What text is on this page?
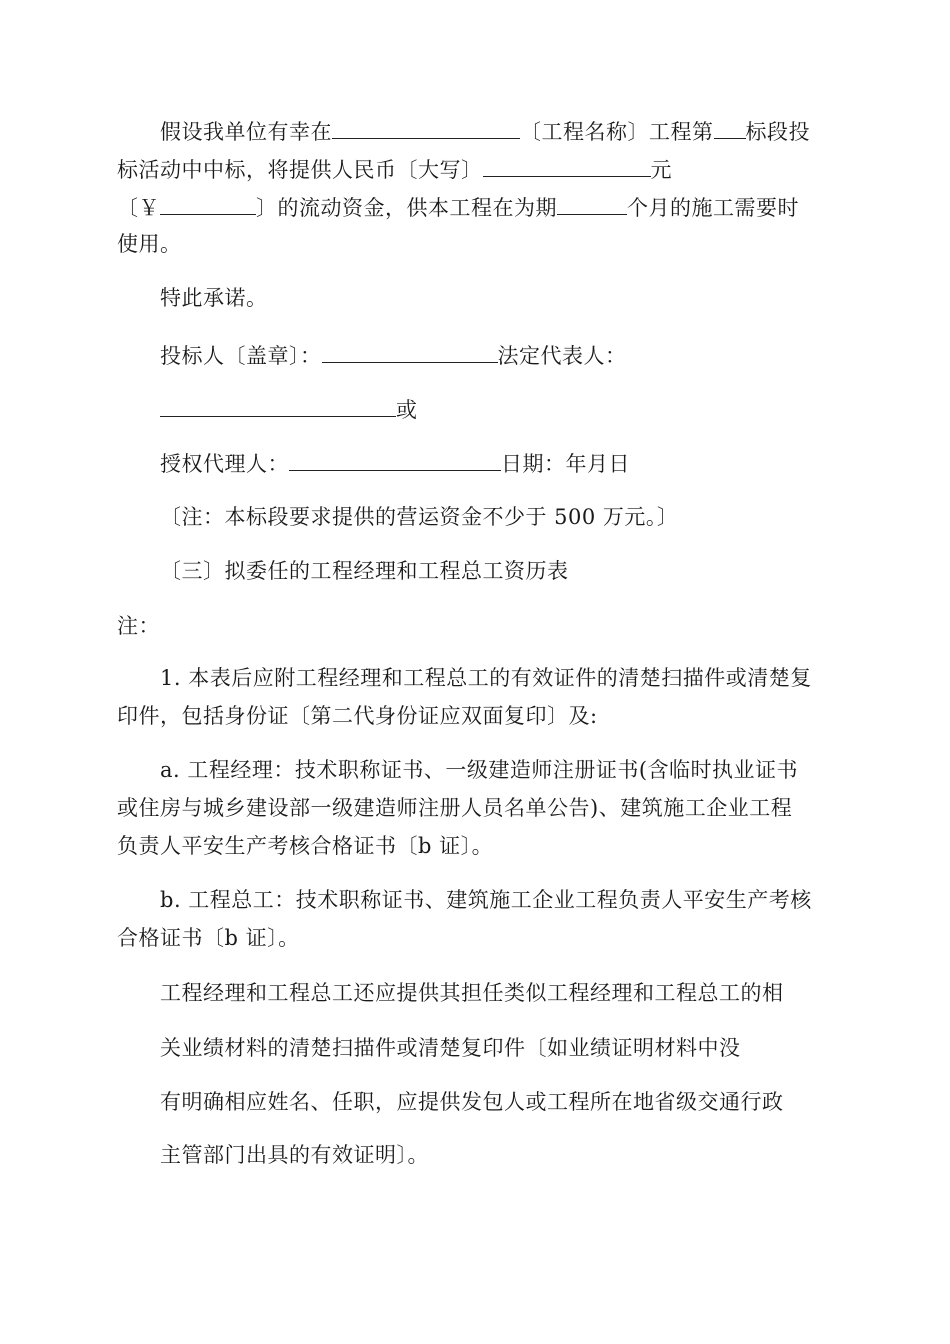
假设我单位有幸在	〔工程名称〕工程第 标段投
标活动中中标，将提供人民币〔大写〕	元
〔￥	〕的流动资金，供本工程在为期	个月的施工需要时
使用。
特此承诺。
投标人〔盖章〕：	法定代表人：
或
授权代理人：	日期：年月日
〔注：本标段要求提供的营运资金不少于 500 万元。〕
〔三〕拟委任的工程经理和工程总工资历表
注：
1. 本表后应附工程经理和工程总工的有效证件的清楚扫描件或清楚复
印件，包括身份证〔第二代身份证应双面复印〕及:
a. 工程经理：技术职称证书、一级建造师注册证书(含临时执业证书
或住房与城乡建设部一级建造师注册人员名单公告)、建筑施工企业工程
负责人平安生产考核合格证书〔b 证〕。
b. 工程总工：技术职称证书、建筑施工企业工程负责人平安生产考核
合格证书〔b 证〕。
工程经理和工程总工还应提供其担任类似工程经理和工程总工的相
关业绩材料的清楚扫描件或清楚复印件〔如业绩证明材料中没
有明确相应姓名、任职，应提供发包人或工程所在地省级交通行政
主管部门出具的有效证明〕。
